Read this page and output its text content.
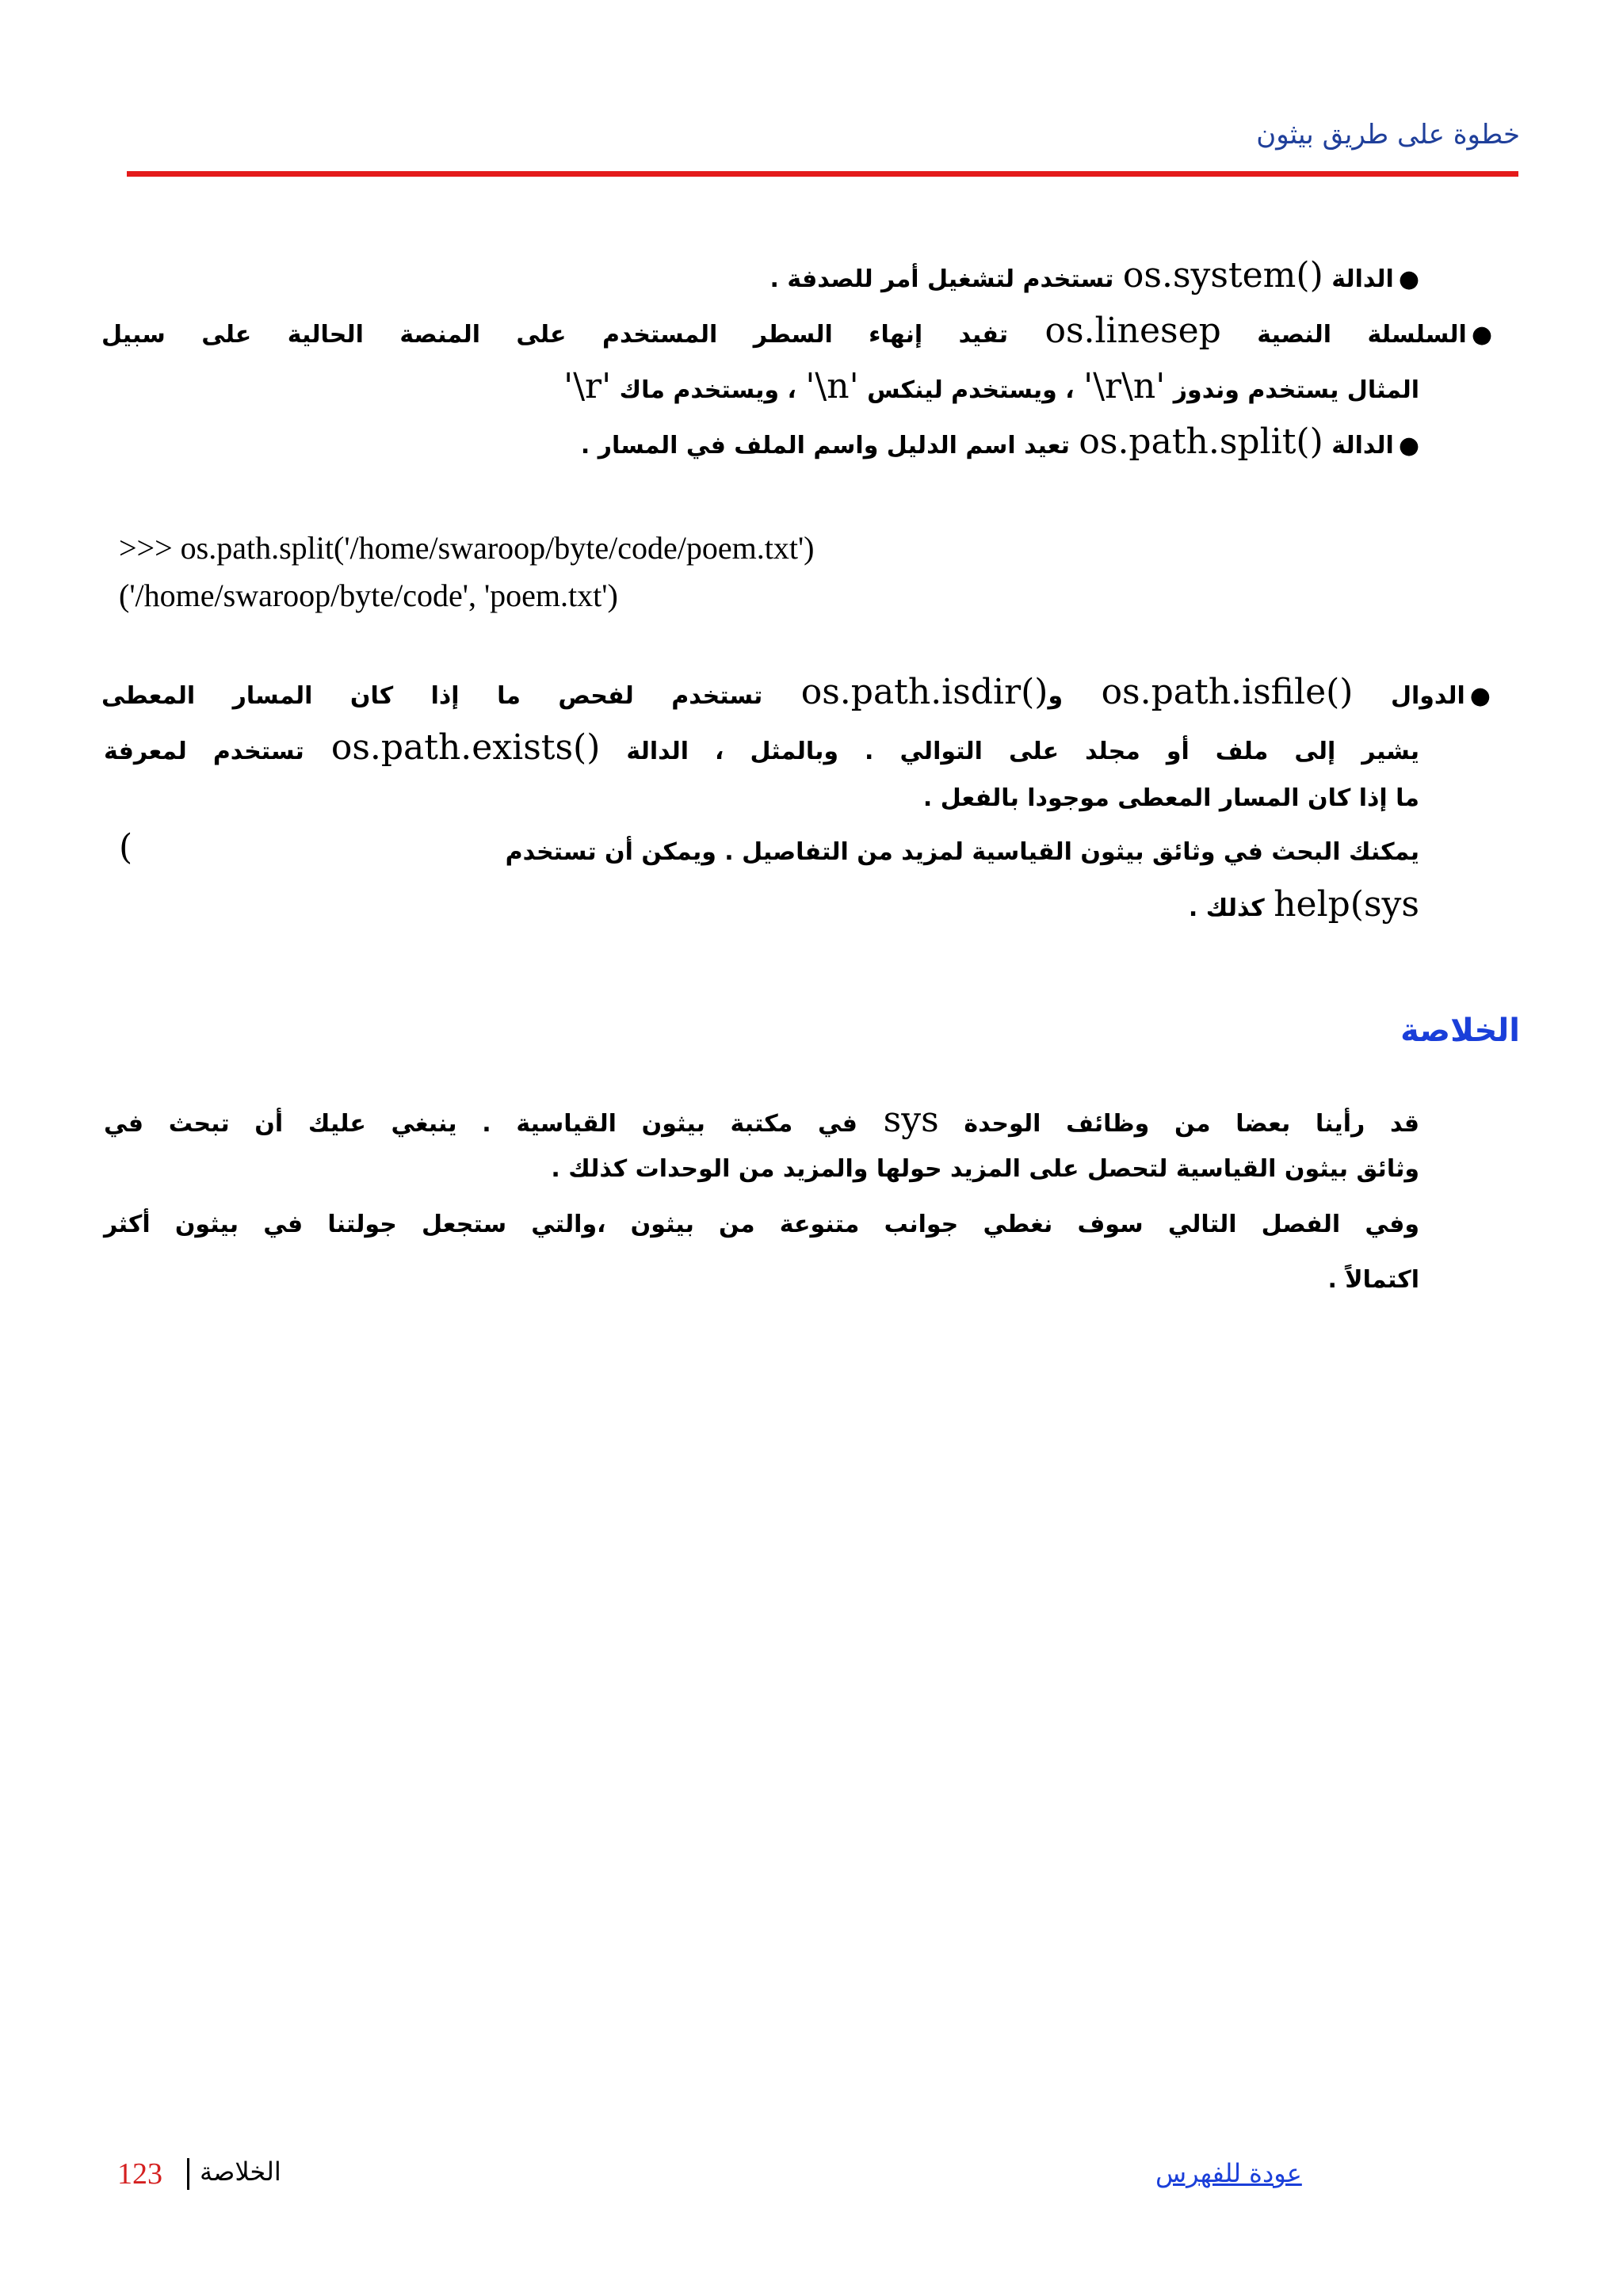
خطوة على طريق بيثون
●الدالة os.system() تستخدم لتشغيل أمر للصدفة .
●السلسلة النصية os.linesep تفيد إنهاء السطر المستخدم على المنصة الحالية على سبيل
المثال يستخدم وندوز '\r\n' ، ويستخدم لينكس '\n' ، ويستخدم ماك '\r'
●الدالة os.path.split() تعيد اسم الدليل واسم الملف في المسار .
>>> os.path.split('/home/swaroop/byte/code/poem.txt')
('/home/swaroop/byte/code', 'poem.txt')
●الدوال os.path.isfile() وos.path.isdir() تستخدم لفحص ما إذا كان المسار المعطى
يشير إلى ملف أو مجلد على التوالي . وبالمثل ، الدالة os.path.exists() تستخدم لمعرفة
ما إذا كان المسار المعطى موجودا بالفعل .
يمكنك البحث في وثائق بيثون القياسية لمزيد من التفاصيل . ويمكن أن تستخدم
(
help(sys كذلك .
الخلاصة
قد رأينا بعضا من وظائف الوحدة sys في مكتبة بيثون القياسية . ينبغي عليك أن تبحث في
وثائق بيثون القياسية لتحصل على المزيد حولها والمزيد من الوحدات كذلك .
وفي الفصل التالي سوف نغطي جوانب متنوعة من بيثون ،والتي ستجعل جولتنا في بيثون أكثر
اكتمالاً .
123 الخلاصة	عودة للفهرس
